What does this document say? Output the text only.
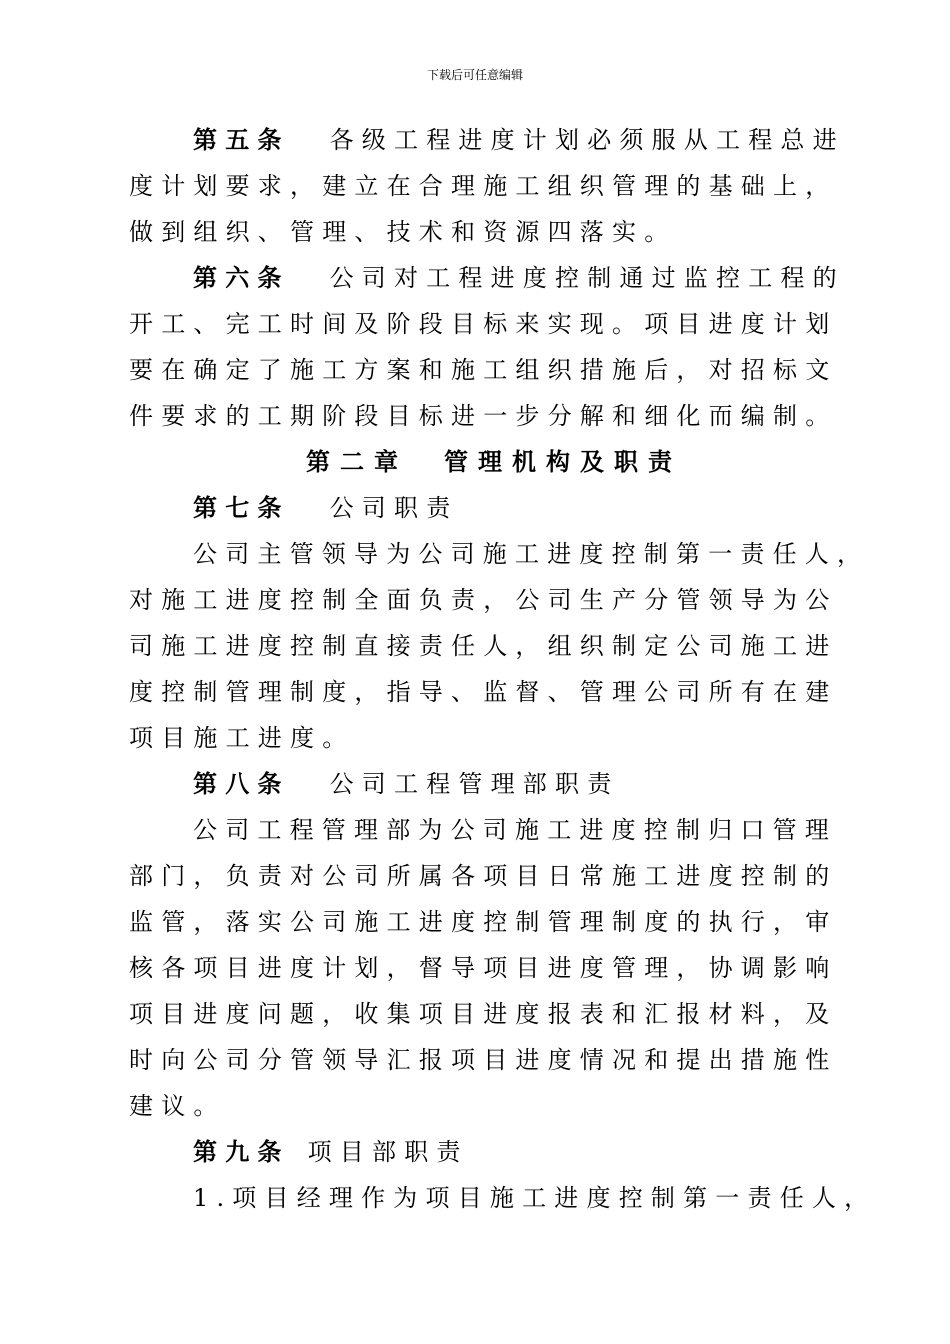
下载后可任意编辑
第五条 各级工程进度计划必须服从工程总进
度计划要求，建立在合理施工组织管理的基础上，
做到组织、管理、技术和资源四落实。
第六条 公司对工程进度控制通过监控工程的
开工、完工时间及阶段目标来实现。项目进度计划
要在确定了施工方案和施工组织措施后，对招标文
件要求的工期阶段目标进一步分解和细化而编制。
第二章 管理机构及职责
第七条 公司职责
公司主管领导为公司施工进度控制第一责任人，
对施工进度控制全面负责，公司生产分管领导为公
司施工进度控制直接责任人，组织制定公司施工进
度控制管理制度，指导、监督、管理公司所有在建
项目施工进度。
第八条 公司工程管理部职责
公司工程管理部为公司施工进度控制归口管理
部门，负责对公司所属各项目日常施工进度控制的
监管，落实公司施工进度控制管理制度的执行，审
核各项目进度计划，督导项目进度管理，协调影响
项目进度问题，收集项目进度报表和汇报材料，及
时向公司分管领导汇报项目进度情况和提出措施性
建议。
第九条 项目部职责
1.项目经理作为项目施工进度控制第一责任人，
